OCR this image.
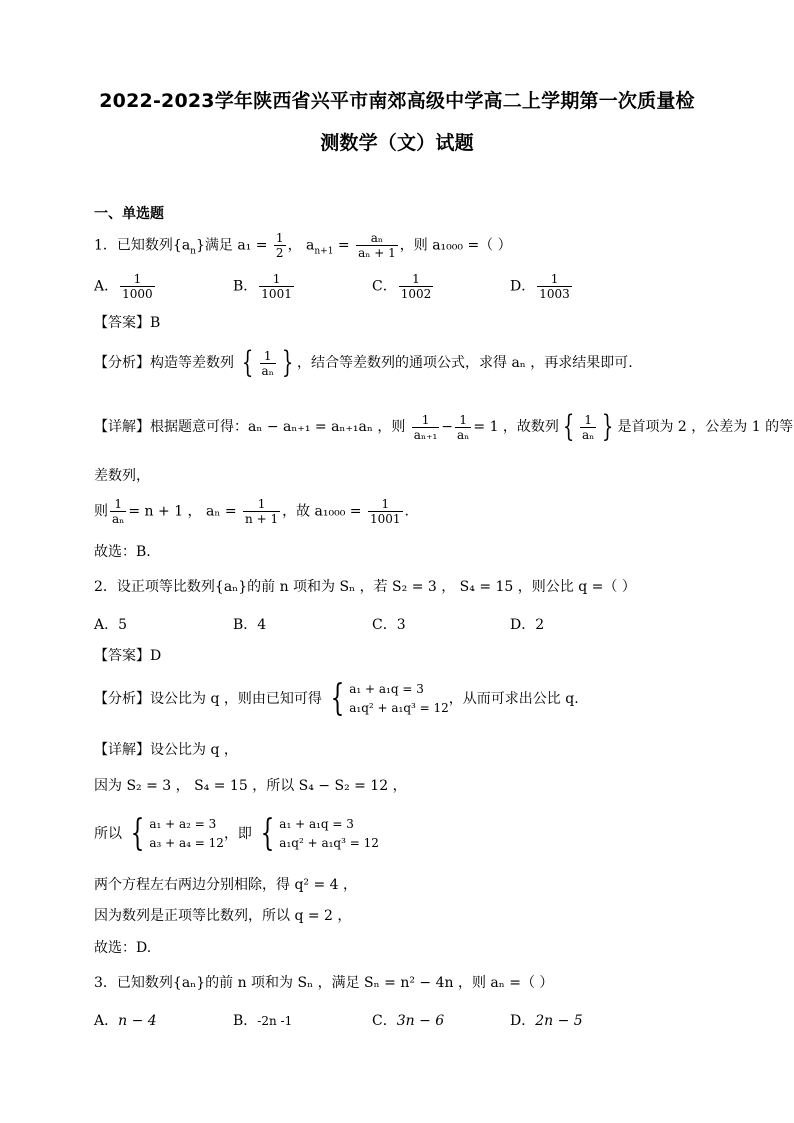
2022-2023学年陕西省兴平市南郊高级中学高二上学期第一次质量检
测数学（文）试题
一、单选题
1．已知数列$\{a_n\}$满足 $a_1 = \frac{1}{2}$ ， $a_{n+1} = \frac{\text{aₙ}}{\text{aₙ + 1}}$ ，则 a₁₀₀₀ =（ ）
A． $\frac{1}{1000}$	B． $\frac{1}{1001}$	C． $\frac{1}{1002}$	D． $\frac{1}{1003}$
【答案】B
【分析】构造等差数列 { $\frac{1}{\text{aₙ}}$ } ，结合等差数列的通项公式，求得 aₙ ，再求结果即可.
【详解】根据题意可得：aₙ − aₙ₊₁ = aₙ₊₁aₙ ，则 $\frac{1}{\text{aₙ₊₁}} - \frac{1}{\text{aₙ}} = 1$ ，故数列 { $\frac{1}{\text{aₙ}}$ } 是首项为 2 ，公差为 1 的等
差数列，
则 $\frac{1}{\text{aₙ}} = n + 1$ ， $a_n = \frac{1}{n + 1}$ ，故 $a_{1000} = \frac{1}{1001}$ .
故选：B.
2．设正项等比数列{aₙ}的前 n 项和为 Sₙ ，若 S₂ = 3 ， S₄ = 15 ，则公比 q =（ ）
A．5	B．4	C．3	D．2
【答案】D
【分析】设公比为 q ，则由已知可得 { a₁ + a₁q = 3
a₁q² + a₁q³ = 12
，从而可求出公比 q.
【详解】设公比为 q ，
因为 S₂ = 3 ， S₄ = 15 ，所以 S₄ − S₂ = 12 ，
所以 { a₁ + a₂ = 3
a₃ + a₄ = 12
，即 { a₁ + a₁q = 3
a₁q² + a₁q³ = 12
两个方程左右两边分别相除，得 q² = 4 ，
因为数列是正项等比数列，所以 q = 2 ，
故选：D.
3．已知数列{aₙ}的前 n 项和为 Sₙ ，满足 Sₙ = n² − 4n ，则 aₙ =（ ）
A．n − 4	B．-2n -1	C．3n − 6	D．2n − 5
